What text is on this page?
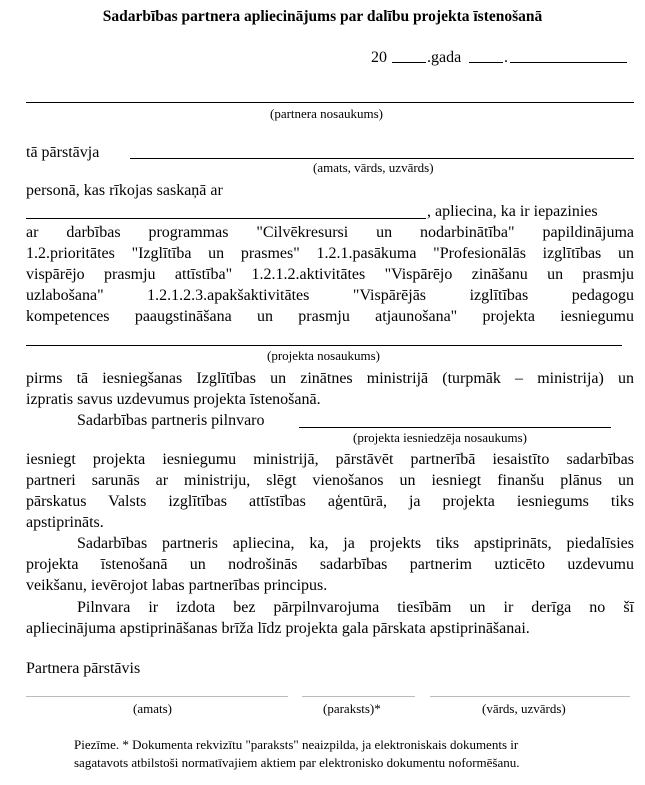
Sadarbības partnera apliecinājums par dalību projekta īstenošanā
20	.gada	.
(partnera nosaukums)
tā pārstāvja
(amats, vārds, uzvārds)
personā, kas rīkojas saskaņā ar
, apliecina, ka ir iepazinies
ar darbības programmas "Cilvēkresursi un nodarbinātība" papildinājuma
1.2.prioritātes "Izglītība un prasmes" 1.2.1.pasākuma "Profesionālās izglītības un
vispārējo prasmju attīstība" 1.2.1.2.aktivitātes "Vispārējo zināšanu un prasmju
uzlabošana" 1.2.1.2.3.apakšaktivitātes "Vispārējās izglītības pedagogu
kompetences paaugstināšana un prasmju atjaunošana" projekta iesniegumu
(projekta nosaukums)
pirms tā iesniegšanas Izglītības un zinātnes ministrijā (turpmāk – ministrija) un
izpratis savus uzdevumus projekta īstenošanā.
Sadarbības partneris pilnvaro
(projekta iesniedzēja nosaukums)
iesniegt projekta iesniegumu ministrijā, pārstāvēt partnerībā iesaistīto sadarbības
partneri sarunās ar ministriju, slēgt vienošanos un iesniegt finanšu plānus un
pārskatus Valsts izglītības attīstības aģentūrā, ja projekta iesniegums tiks
apstiprināts.
Sadarbības partneris apliecina, ka, ja projekts tiks apstiprināts, piedalīsies
projekta īstenošanā un nodrošinās sadarbības partnerim uzticēto uzdevumu
veikšanu, ievērojot labas partnerības principus.
Pilnvara ir izdota bez pārpilnvarojuma tiesībām un ir derīga no šī
apliecinājuma apstiprināšanas brīža līdz projekta gala pārskata apstiprināšanai.
Partnera pārstāvis
(amats)	(paraksts)*	(vārds, uzvārds)
Piezīme. * Dokumenta rekvizītu "paraksts" neaizpilda, ja elektroniskais dokuments ir
sagatavots atbilstoši normatīvajiem aktiem par elektronisko dokumentu noformēšanu.
